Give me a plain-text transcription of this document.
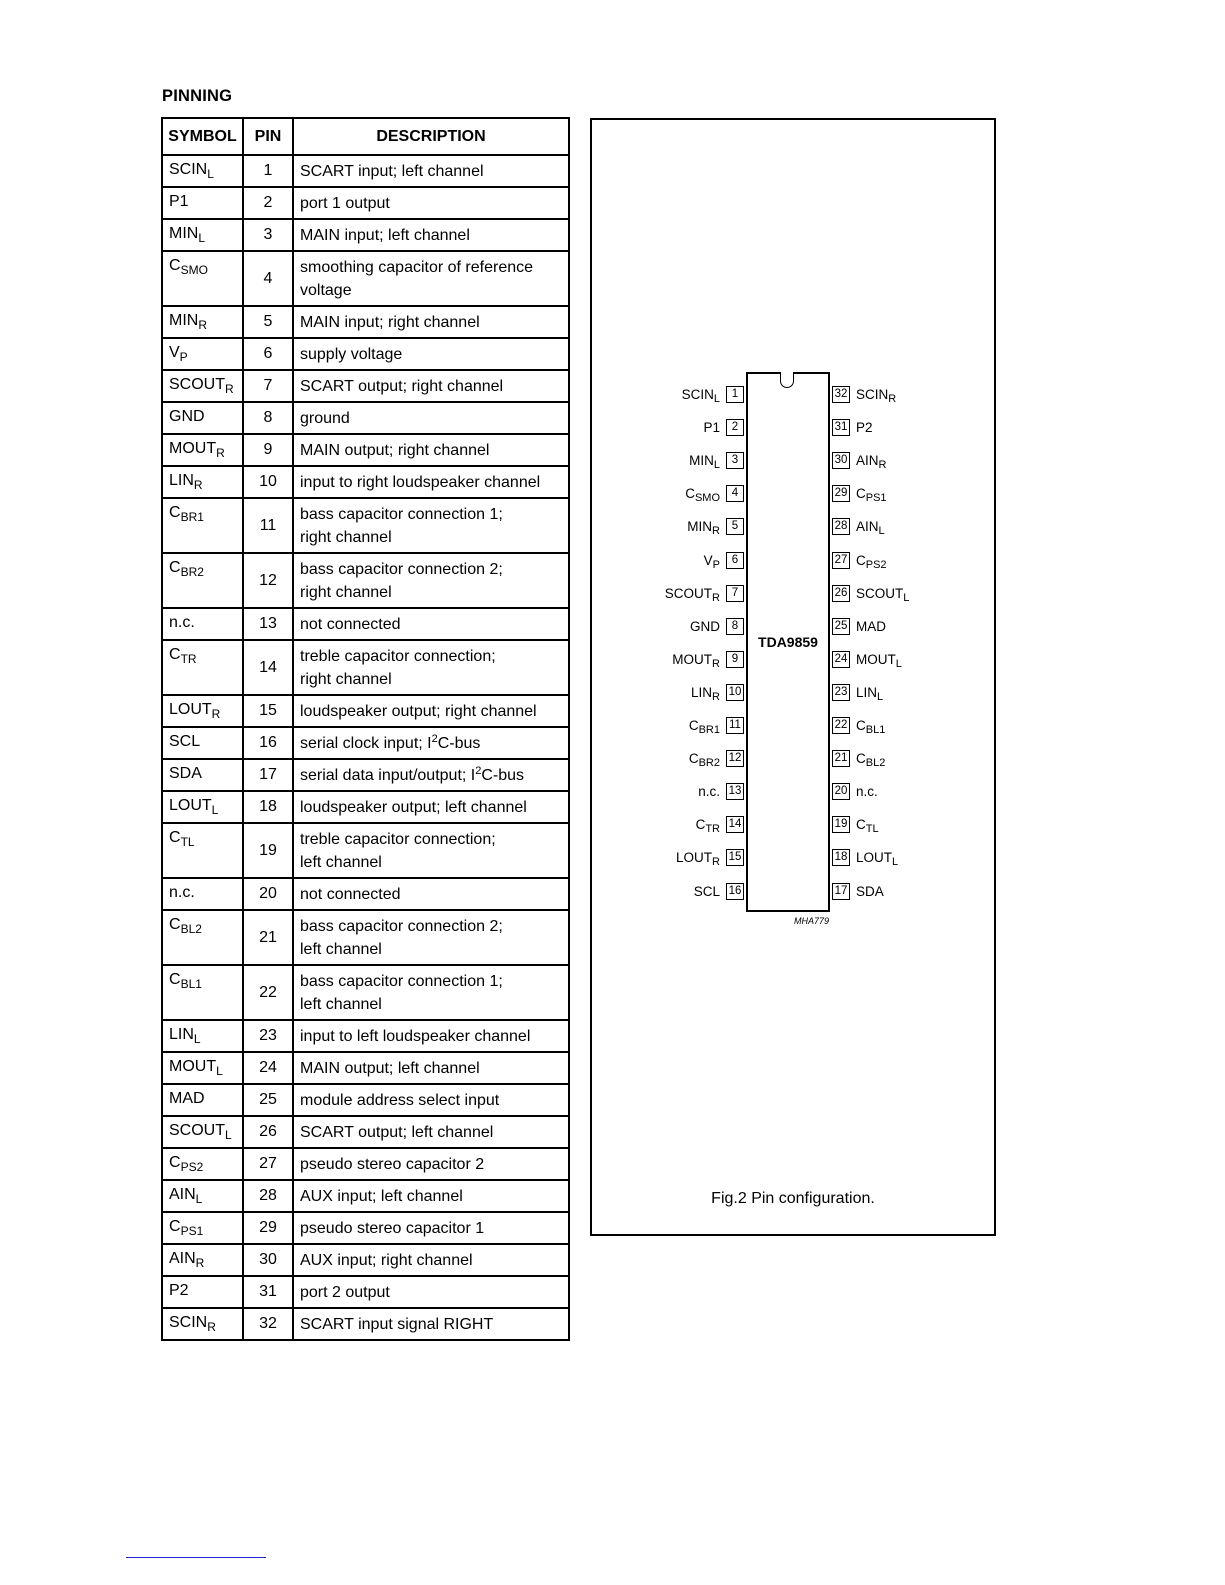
PINNING
SYMBOL	PIN	DESCRIPTION
$SCIN_L$	1	SCART input; left channel
P1	2	port 1 output
$MIN_L$	3	MAIN input; left channel
$C_{SMO}$	4	smoothing capacitor of reference
voltage
$MIN_R$	5	MAIN input; right channel
$V_P$	6	supply voltage
$SCOUT_R$	7	SCART output; right channel
GND	8	ground
$MOUT_R$	9	MAIN output; right channel
$LIN_R$	10	input to right loudspeaker channel
$C_{BR1}$	11	bass capacitor connection 1;
right channel
$C_{BR2}$	12	bass capacitor connection 2;
right channel
n.c.	13	not connected
$C_{TR}$	14	treble capacitor connection;
right channel
$LOUT_R$	15	loudspeaker output; right channel
SCL	16	serial clock input; $I^2C$-bus
SDA	17	serial data input/output; $I^2C$-bus
$LOUT_L$	18	loudspeaker output; left channel
$C_{TL}$	19	treble capacitor connection;
left channel
n.c.	20	not connected
$C_{BL2}$	21	bass capacitor connection 2;
left channel
$C_{BL1}$	22	bass capacitor connection 1;
left channel
$LIN_L$	23	input to left loudspeaker channel
$MOUT_L$	24	MAIN output; left channel
MAD	25	module address select input
$SCOUT_L$	26	SCART output; left channel
$C_{PS2}$	27	pseudo stereo capacitor 2
$AIN_L$	28	AUX input; left channel
$C_{PS1}$	29	pseudo stereo capacitor 1
$AIN_R$	30	AUX input; right channel
P2	31	port 2 output
$SCIN_R$	32	SCART input signal RIGHT
TDA9859
1
$SCIN_L$
2
P1
3
$MIN_L$
4
$C_{SMO}$
5
$MIN_R$
6
$V_P$
7
$SCOUT_R$
8
GND
9
$MOUT_R$
10
$LIN_R$
11
$C_{BR1}$
12
$C_{BR2}$
13
n.c.
14
$C_{TR}$
15
$LOUT_R$
16
SCL
32 $SCIN_R$
31 P2
30 $AIN_R$
29 $C_{PS1}$
28 $AIN_L$
27 $C_{PS2}$
26 $SCOUT_L$
25 MAD
24 $MOUT_L$
23 $LIN_L$
22 $C_{BL1}$
21 $C_{BL2}$
20 n.c.
19 $C_{TL}$
18 $LOUT_L$
17 SDA
MHA779
Fig.2 Pin configuration.
